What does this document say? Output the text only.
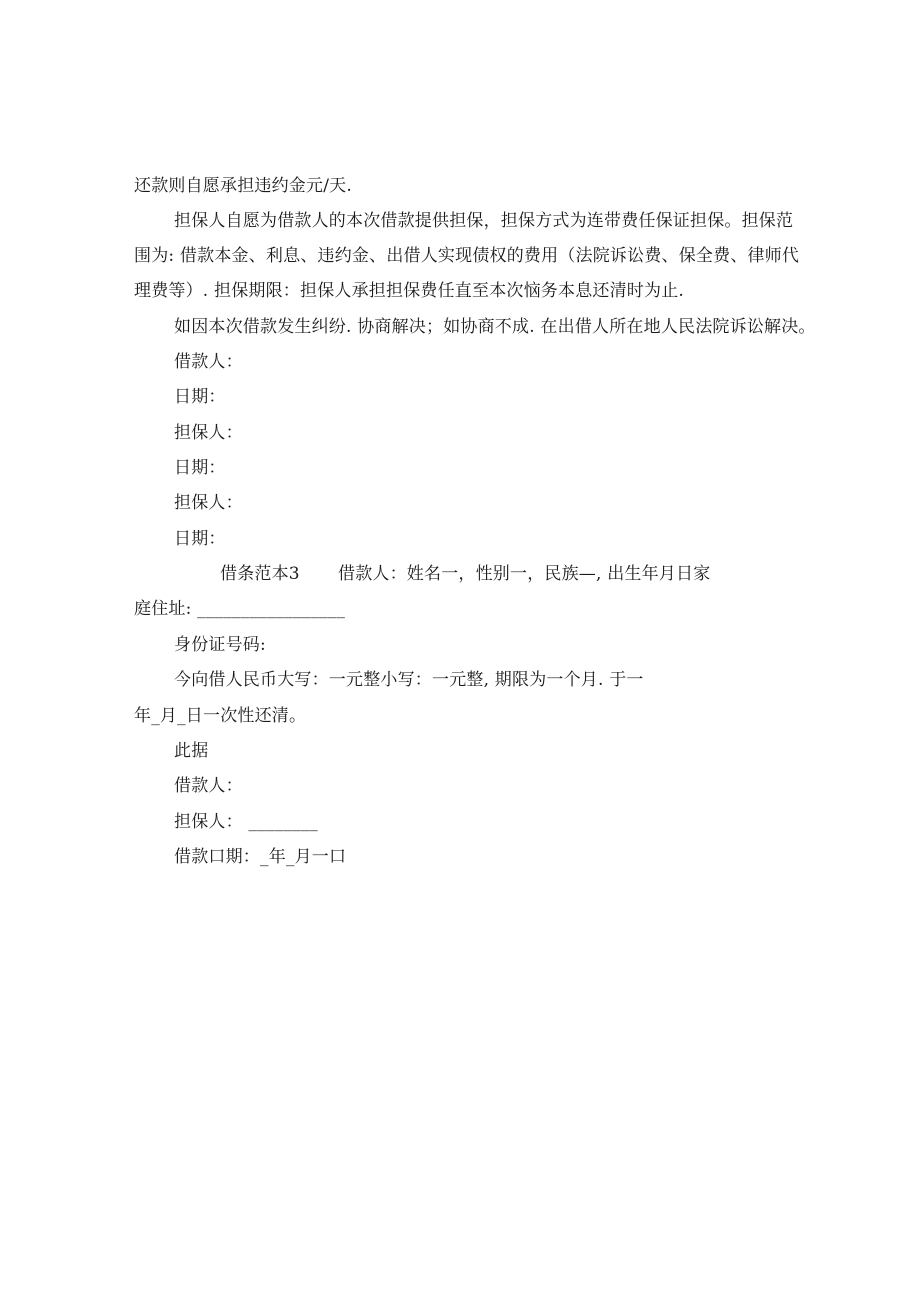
还款则自愿承担违约金元/天.
担保人自愿为借款人的本次借款提供担保，担保方式为连带费任保证担保。担保范
围为: 借款本金、利息、违约金、出借人实现债权的费用（法院诉讼费、保全费、律师代
理费等）. 担保期限：担保人承担担保费任直至本次恼务本息还清时为止.
如因本次借款发生纠纷. 协商解决；如协商不成. 在出借人所在地人民法院诉讼解决。
借款人：
日期：
担保人：
日期：
担保人：
日期：
借条范本3 借款人：姓名一，性别一，民族—, 出生年月日家
庭住址: _________________
身份证号码:
今向借人民币大写：一元整小写：一元整, 期限为一个月. 于一
年_月_日一次性还清。
此据
借款人：
担保人： ________
借款口期：_年_月一口
